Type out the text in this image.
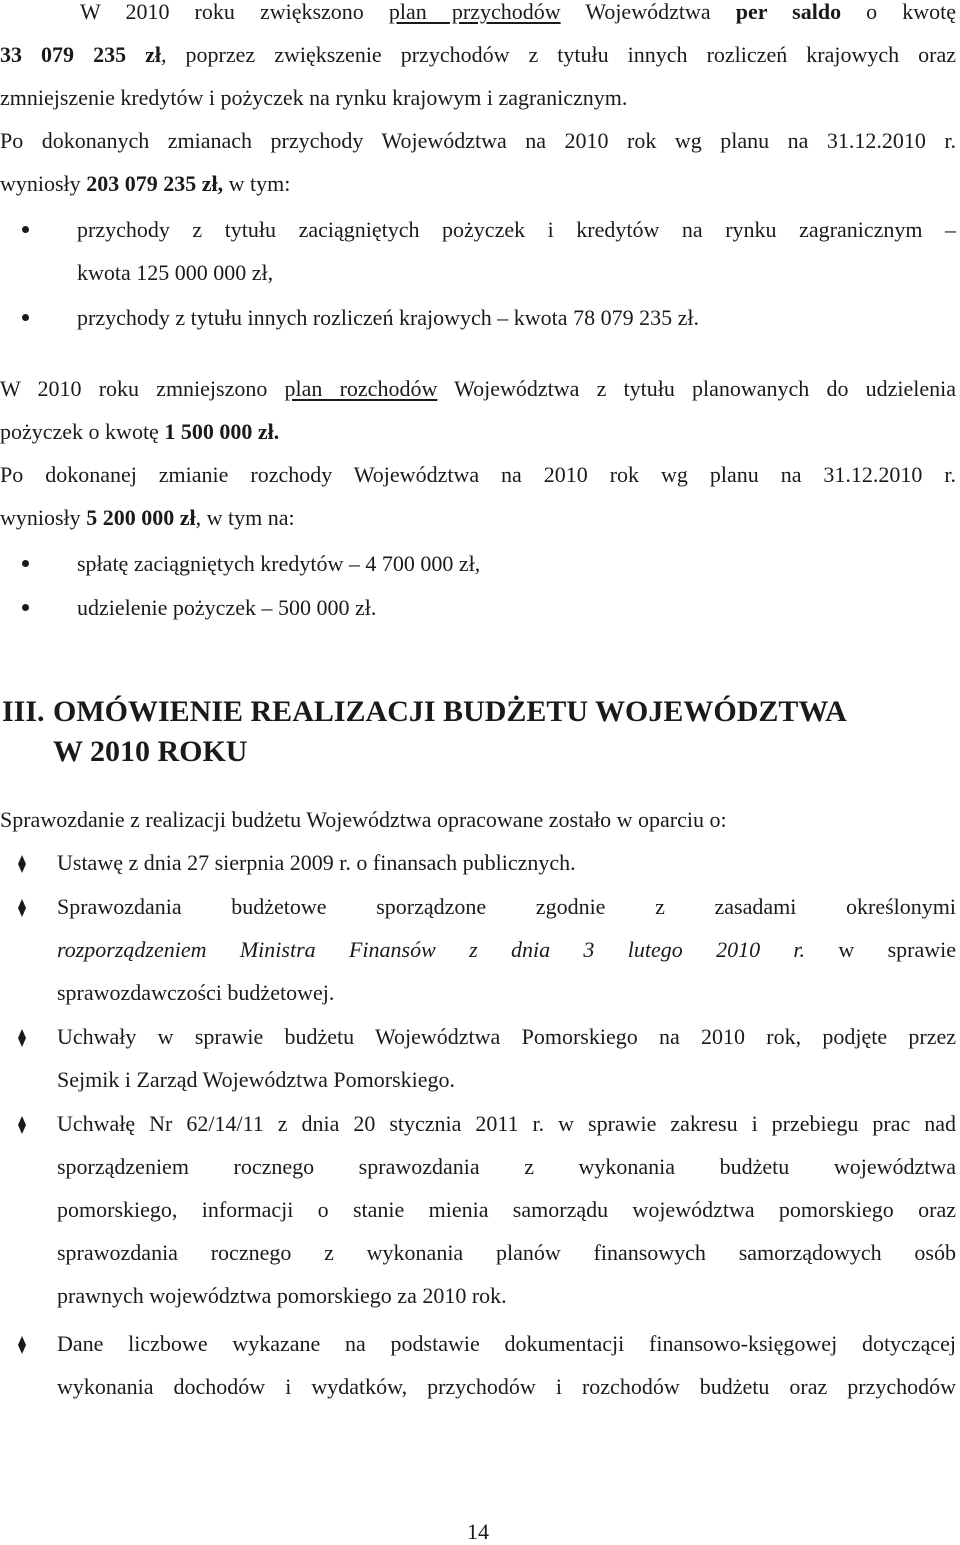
W 2010 roku zwiększono plan przychodów Województwa per saldo o kwotę
33 079 235 zł, poprzez zwiększenie przychodów z tytułu innych rozliczeń krajowych oraz
zmniejszenie kredytów i pożyczek na rynku krajowym i zagranicznym.
Po dokonanych zmianach przychody Województwa na 2010 rok wg planu na 31.12.2010 r.
wyniosły 203 079 235 zł, w tym:
przychody z tytułu zaciągniętych pożyczek i kredytów na rynku zagranicznym –
kwota 125 000 000 zł,
przychody z tytułu innych rozliczeń krajowych – kwota 78 079 235 zł.
W 2010 roku zmniejszono plan rozchodów Województwa z tytułu planowanych do udzielenia
pożyczek o kwotę 1 500 000 zł.
Po dokonanej zmianie rozchody Województwa na 2010 rok wg planu na 31.12.2010 r.
wyniosły 5 200 000 zł, w tym na:
spłatę zaciągniętych kredytów – 4 700 000 zł,
udzielenie pożyczek – 500 000 zł.
III. OMÓWIENIE REALIZACJI BUDŻETU WOJEWÓDZTWA
W 2010 ROKU
Sprawozdanie z realizacji budżetu Województwa opracowane zostało w oparciu o:
Ustawę z dnia 27 sierpnia 2009 r. o finansach publicznych.
Sprawozdania budżetowe sporządzone zgodnie z zasadami określonymi
rozporządzeniem Ministra Finansów z dnia 3 lutego 2010 r. w sprawie
sprawozdawczości budżetowej.
Uchwały w sprawie budżetu Województwa Pomorskiego na 2010 rok, podjęte przez
Sejmik i Zarząd Województwa Pomorskiego.
Uchwałę Nr 62/14/11 z dnia 20 stycznia 2011 r. w sprawie zakresu i przebiegu prac nad
sporządzeniem rocznego sprawozdania z wykonania budżetu województwa
pomorskiego, informacji o stanie mienia samorządu województwa pomorskiego oraz
sprawozdania rocznego z wykonania planów finansowych samorządowych osób
prawnych województwa pomorskiego za 2010 rok.
Dane liczbowe wykazane na podstawie dokumentacji finansowo-księgowej dotyczącej
wykonania dochodów i wydatków, przychodów i rozchodów budżetu oraz przychodów
14
